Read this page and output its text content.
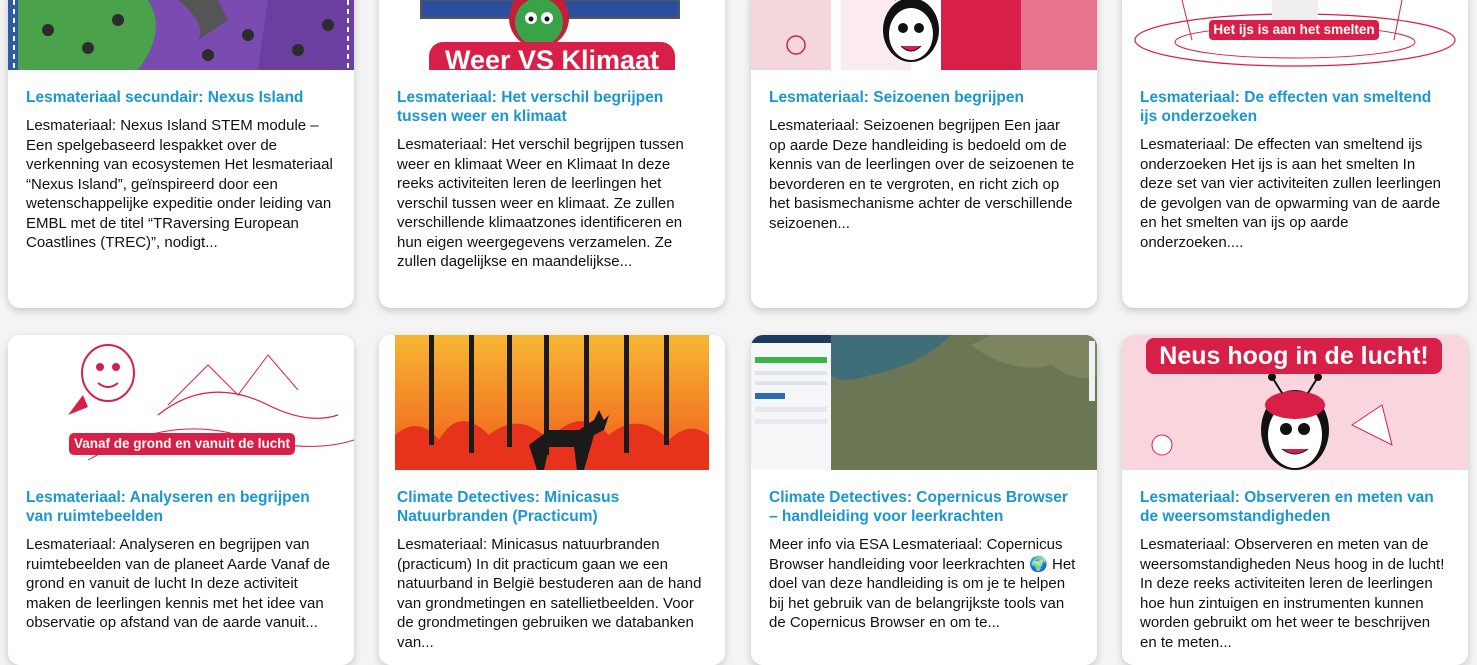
Lesmateriaal secundair: Nexus Island

Lesmateriaal: Nexus Island STEM module – Een spelgebaseerd lespakket over de verkenning van ecosystemen Het lesmateriaal “Nexus Island”, geïnspireerd door een wetenschappelijke expeditie onder leiding van EMBL met de titel “TRaversing European Coastlines (TREC)”, nodigt...

Weer VS Klimaat
Lesmateriaal: Het verschil begrijpen tussen weer en klimaat

Lesmateriaal: Het verschil begrijpen tussen weer en klimaat Weer en Klimaat In deze reeks activiteiten leren de leerlingen het verschil tussen weer en klimaat. Ze zullen verschillende klimaatzones identificeren en hun eigen weergegevens verzamelen. Ze zullen dagelijkse en maandelijkse...

Lesmateriaal: Seizoenen begrijpen

Lesmateriaal: Seizoenen begrijpen Een jaar op aarde Deze handleiding is bedoeld om de kennis van de leerlingen over de seizoenen te bevorderen en te vergroten, en richt zich op het basismechanisme achter de verschillende seizoenen...

Het ijs is aan het smelten
Lesmateriaal: De effecten van smeltend ijs onderzoeken

Lesmateriaal: De effecten van smeltend ijs onderzoeken Het ijs is aan het smelten In deze set van vier activiteiten zullen leerlingen de gevolgen van de opwarming van de aarde en het smelten van ijs op aarde onderzoeken....

Vanaf de grond en vanuit de lucht
Lesmateriaal: Analyseren en begrijpen van ruimtebeelden

Lesmateriaal: Analyseren en begrijpen van ruimtebeelden van de planeet Aarde Vanaf de grond en vanuit de lucht In deze activiteit maken de leerlingen kennis met het idee van observatie op afstand van de aarde vanuit...

Climate Detectives: Minicasus Natuurbranden (Practicum)

Lesmateriaal: Minicasus natuurbranden (practicum) In dit practicum gaan we een natuurband in België bestuderen aan de hand van grondmetingen en satellietbeelden. Voor de grondmetingen gebruiken we databanken van...

Climate Detectives: Copernicus Browser – handleiding voor leerkrachten

Meer info via ESA Lesmateriaal: Copernicus Browser handleiding voor leerkrachten 🌍 Het doel van deze handleiding is om je te helpen bij het gebruik van de belangrijkste tools van de Copernicus Browser en om te...

Neus hoog in de lucht!
Lesmateriaal: Observeren en meten van de weersomstandigheden

Lesmateriaal: Observeren en meten van de weersomstandigheden Neus hoog in de lucht! In deze reeks activiteiten leren de leerlingen hoe hun zintuigen en instrumenten kunnen worden gebruikt om het weer te beschrijven en te meten...
